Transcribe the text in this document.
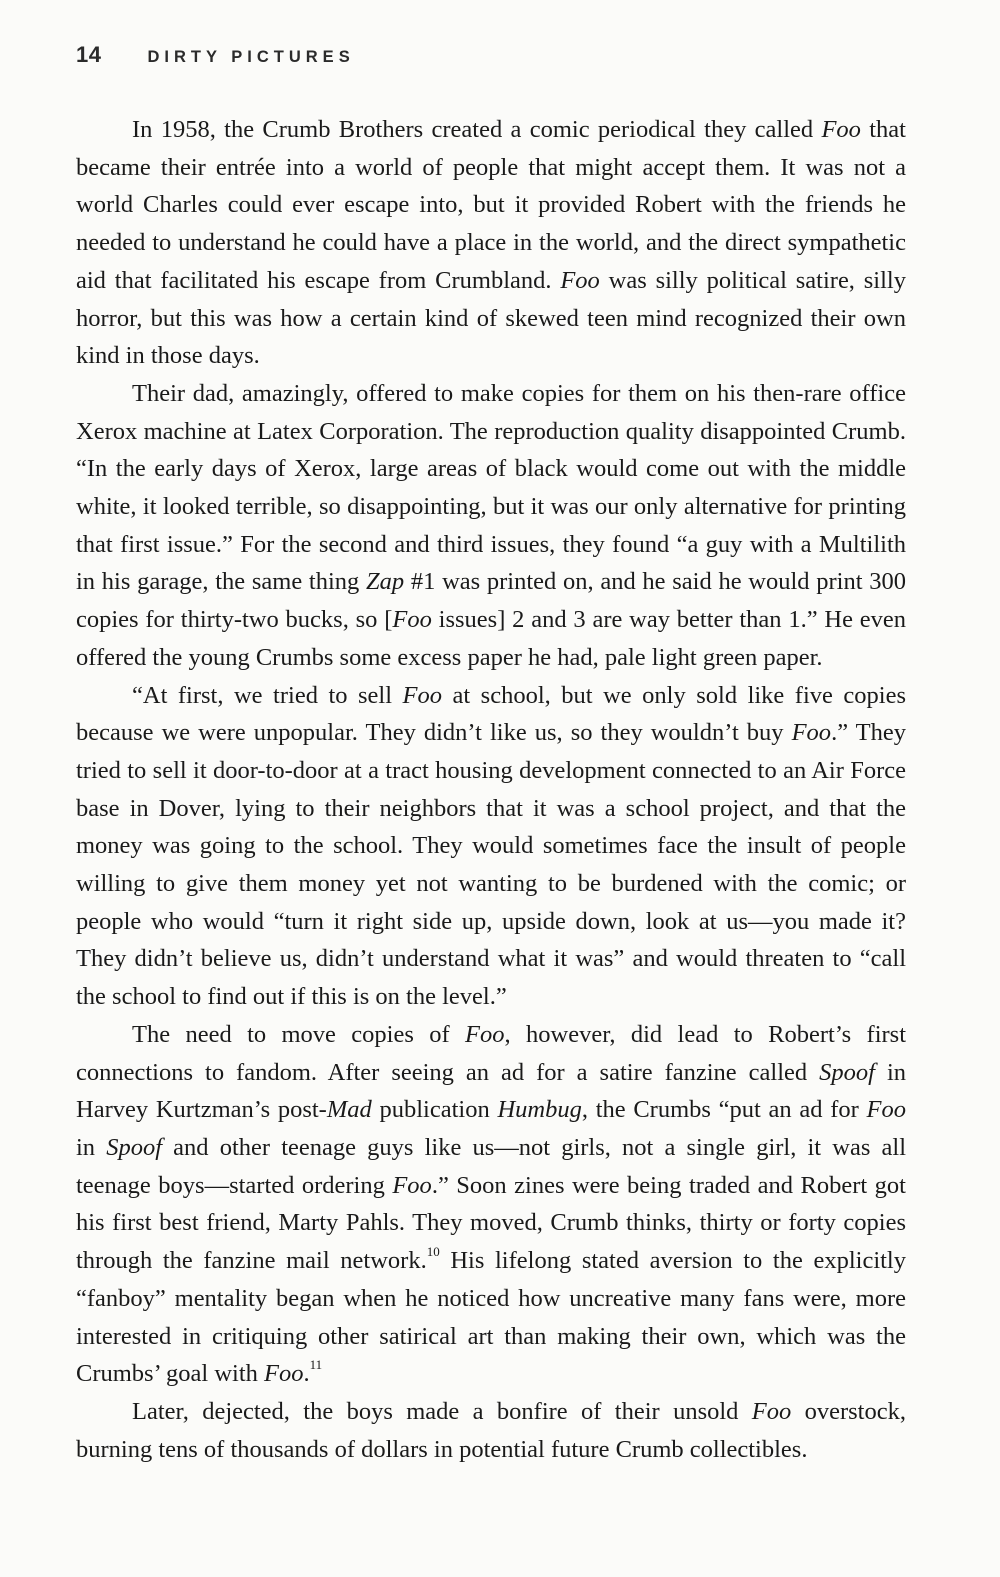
14	DIRTY PICTURES

In 1958, the Crumb Brothers created a comic periodical they called Foo that became their entrée into a world of people that might accept them. It was not a world Charles could ever escape into, but it provided Robert with the friends he needed to understand he could have a place in the world, and the direct sympathetic aid that facilitated his escape from Crumbland. Foo was silly political satire, silly horror, but this was how a certain kind of skewed teen mind recognized their own kind in those days.

Their dad, amazingly, offered to make copies for them on his then-rare office Xerox machine at Latex Corporation. The reproduction quality disappointed Crumb. “In the early days of Xerox, large areas of black would come out with the middle white, it looked terrible, so disappointing, but it was our only alternative for printing that first issue.” For the second and third issues, they found “a guy with a Multilith in his garage, the same thing Zap #1 was printed on, and he said he would print 300 copies for thirty-two bucks, so [Foo issues] 2 and 3 are way better than 1.” He even offered the young Crumbs some excess paper he had, pale light green paper.

“At first, we tried to sell Foo at school, but we only sold like five copies because we were unpopular. They didn’t like us, so they wouldn’t buy Foo.” They tried to sell it door-to-door at a tract housing development connected to an Air Force base in Dover, lying to their neighbors that it was a school project, and that the money was going to the school. They would sometimes face the insult of people willing to give them money yet not wanting to be burdened with the comic; or people who would “turn it right side up, upside down, look at us—you made it? They didn’t believe us, didn’t understand what it was” and would threaten to “call the school to find out if this is on the level.”

The need to move copies of Foo, however, did lead to Robert’s first connections to fandom. After seeing an ad for a satire fanzine called Spoof in Harvey Kurtzman’s post-Mad publication Humbug, the Crumbs “put an ad for Foo in Spoof and other teenage guys like us—not girls, not a single girl, it was all teenage boys—started ordering Foo.” Soon zines were being traded and Robert got his first best friend, Marty Pahls. They moved, Crumb thinks, thirty or forty copies through the fanzine mail network.$^{10}$ His lifelong stated aversion to the explicitly “fanboy” mentality began when he noticed how uncreative many fans were, more interested in critiquing other satirical art than making their own, which was the Crumbs’ goal with Foo.$^{11}$

Later, dejected, the boys made a bonfire of their unsold Foo overstock, burning tens of thousands of dollars in potential future Crumb collectibles.
